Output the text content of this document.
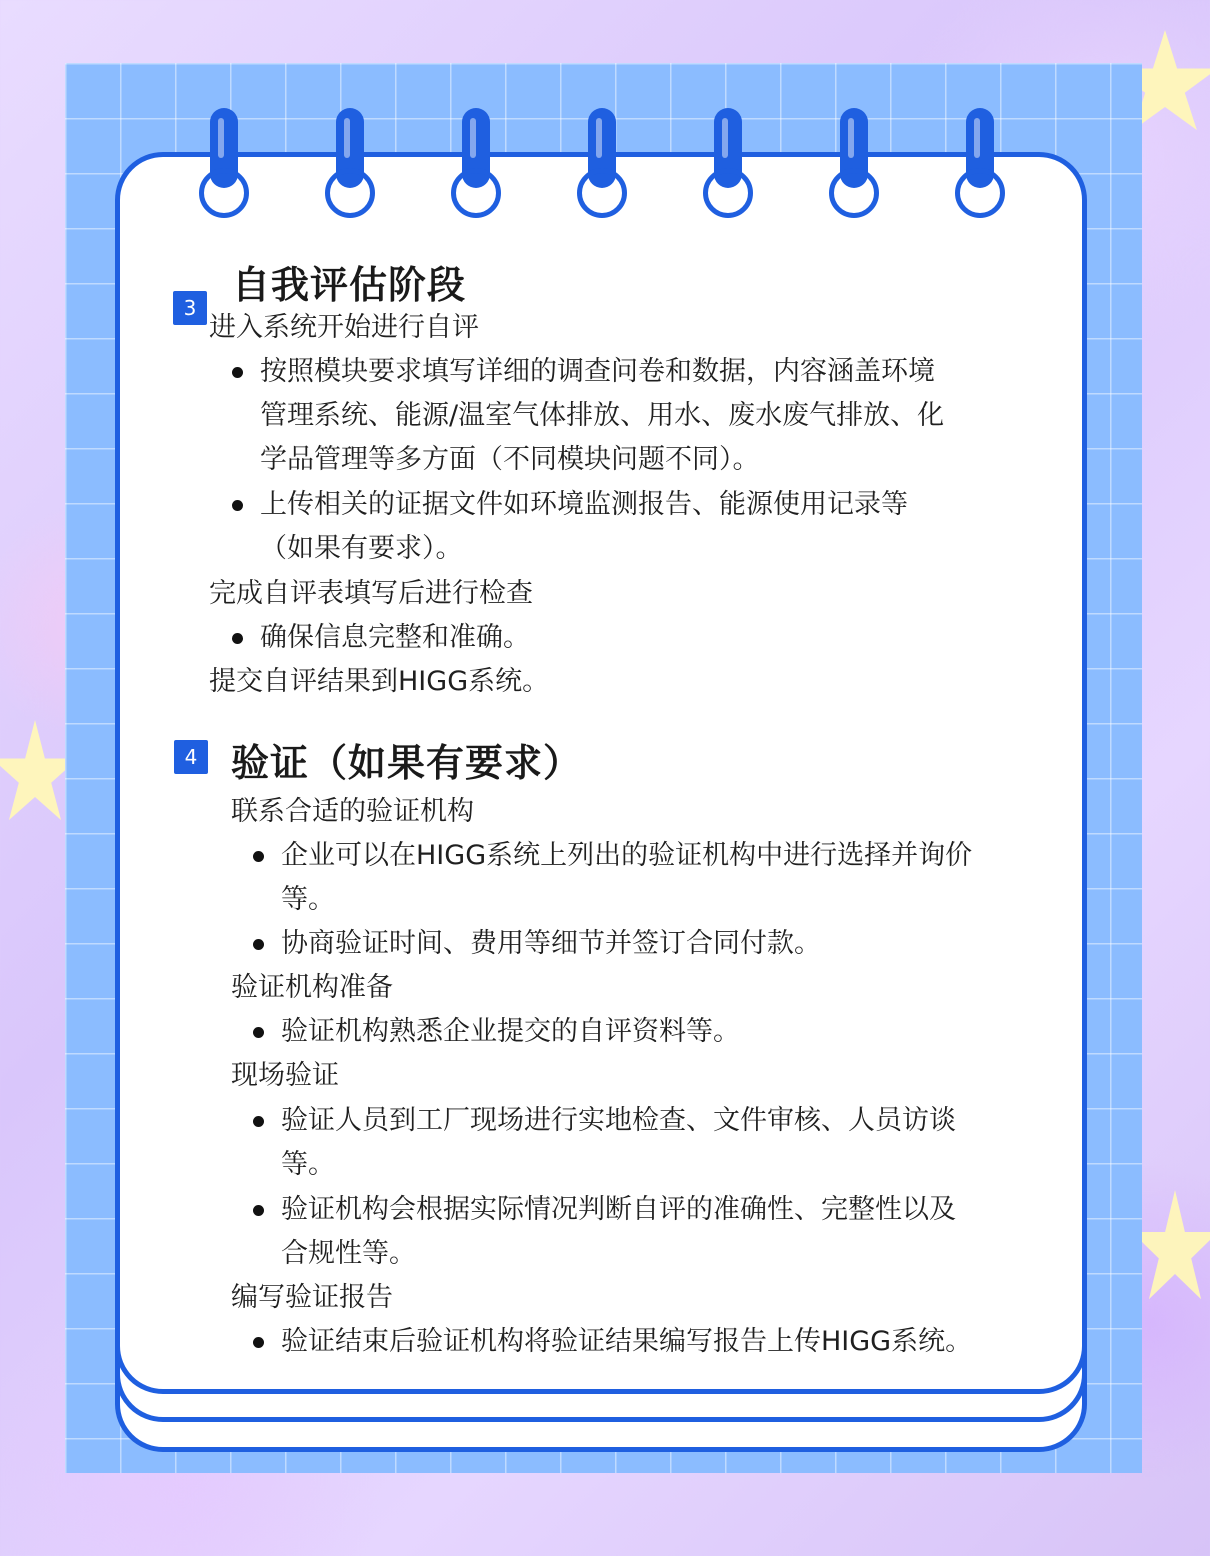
3
自我评估阶段
进入系统开始进行自评
按照模块要求填写详细的调查问卷和数据，内容涵盖环境
管理系统、能源/温室气体排放、用水、废水废气排放、化
学品管理等多方面（不同模块问题不同）。
上传相关的证据文件如环境监测报告、能源使用记录等
（如果有要求）。
完成自评表填写后进行检查
确保信息完整和准确。
提交自评结果到HIGG系统。
4 验证（如果有要求）
联系合适的验证机构
企业可以在HIGG系统上列出的验证机构中进行选择并询价
等。
协商验证时间、费用等细节并签订合同付款。
验证机构准备
验证机构熟悉企业提交的自评资料等。
现场验证
验证人员到工厂现场进行实地检查、文件审核、人员访谈
等。
验证机构会根据实际情况判断自评的准确性、完整性以及
合规性等。
编写验证报告
验证结束后验证机构将验证结果编写报告上传HIGG系统。
